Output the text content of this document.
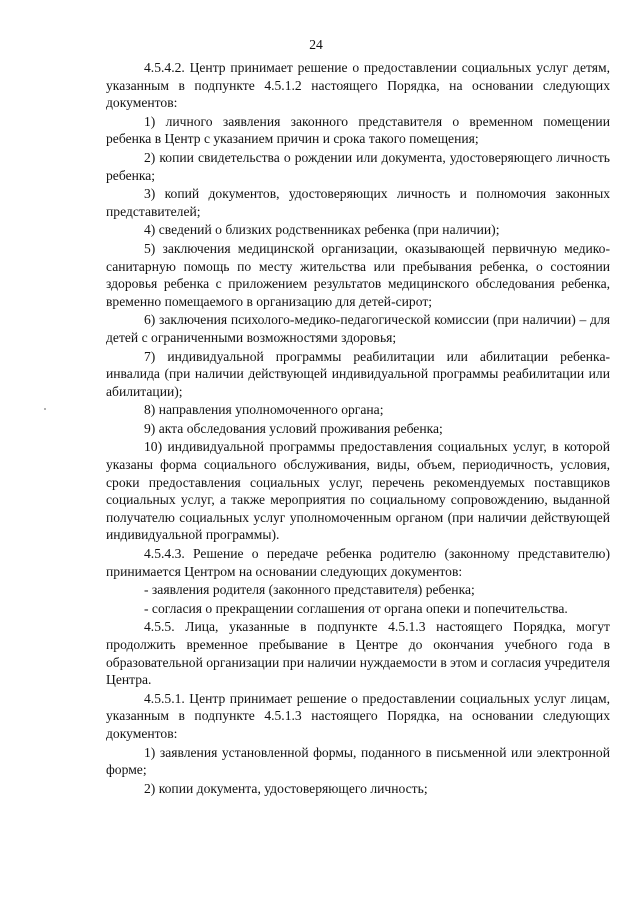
24

4.5.4.2. Центр принимает решение о предоставлении социальных услуг детям, указанным в подпункте 4.5.1.2 настоящего Порядка, на основании следующих документов:

1) личного заявления законного представителя о временном помещении ребенка в Центр с указанием причин и срока такого помещения;

2) копии свидетельства о рождении или документа, удостоверяющего личность ребенка;

3) копий документов, удостоверяющих личность и полномочия законных представителей;

4) сведений о близких родственниках ребенка (при наличии);

5) заключения медицинской организации, оказывающей первичную медико-санитарную помощь по месту жительства или пребывания ребенка, о состоянии здоровья ребенка с приложением результатов медицинского обследования ребенка, временно помещаемого в организацию для детей-сирот;

6) заключения психолого-медико-педагогической комиссии (при наличии) – для детей с ограниченными возможностями здоровья;

7) индивидуальной программы реабилитации или абилитации ребенка-инвалида (при наличии действующей индивидуальной программы реабилитации или абилитации);

8) направления уполномоченного органа;

9) акта обследования условий проживания ребенка;

10) индивидуальной программы предоставления социальных услуг, в которой указаны форма социального обслуживания, виды, объем, периодичность, условия, сроки предоставления социальных услуг, перечень рекомендуемых поставщиков социальных услуг, а также мероприятия по социальному сопровождению, выданной получателю социальных услуг уполномоченным органом (при наличии действующей индивидуальной программы).

4.5.4.3. Решение о передаче ребенка родителю (законному представителю) принимается Центром на основании следующих документов:

- заявления родителя (законного представителя) ребенка;

- согласия о прекращении соглашения от органа опеки и попечительства.

4.5.5. Лица, указанные в подпункте 4.5.1.3 настоящего Порядка, могут продолжить временное пребывание в Центре до окончания учебного года в образовательной организации при наличии нуждаемости в этом и согласия учредителя Центра.

4.5.5.1. Центр принимает решение о предоставлении социальных услуг лицам, указанным в подпункте 4.5.1.3 настоящего Порядка, на основании следующих документов:

1) заявления установленной формы, поданного в письменной или электронной форме;

2) копии документа, удостоверяющего личность;
